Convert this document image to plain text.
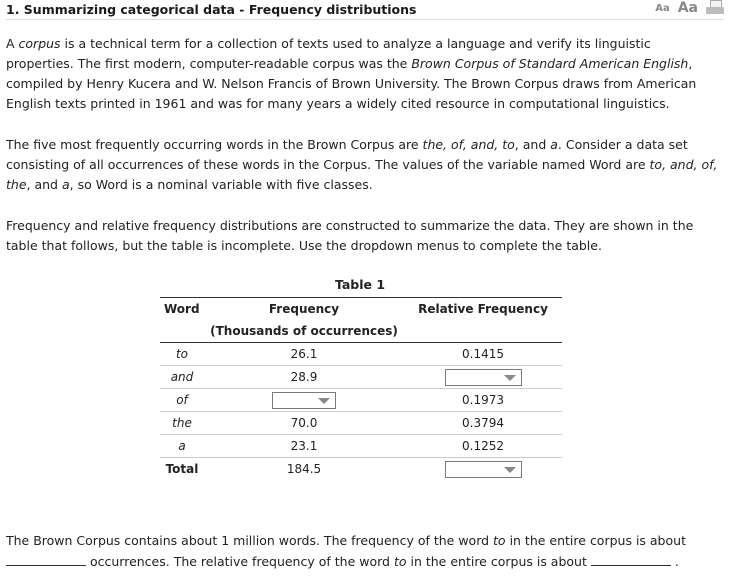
1. Summarizing categorical data - Frequency distributions	Aa Aa

A corpus is a technical term for a collection of texts used to analyze a language and verify its linguistic properties. The first modern, computer-readable corpus was the Brown Corpus of Standard American English, compiled by Henry Kucera and W. Nelson Francis of Brown University. The Brown Corpus draws from American English texts printed in 1961 and was for many years a widely cited resource in computational linguistics.

The five most frequently occurring words in the Brown Corpus are the, of, and, to, and a. Consider a data set consisting of all occurrences of these words in the Corpus. The values of the variable named Word are to, and, of, the, and a, so Word is a nominal variable with five classes.

Frequency and relative frequency distributions are constructed to summarize the data. They are shown in the table that follows, but the table is incomplete. Use the dropdown menus to complete the table.

Table 1
Word	Frequency	Relative Frequency
	(Thousands of occurrences)	
to	26.1	0.1415
and	28.9	

of		0.1973
the	70.0	0.3794
a	23.1	0.1252
Total	184.5	

The Brown Corpus contains about 1 million words. The frequency of the word to in the entire corpus is about
occurrences. The relative frequency of the word to in the entire corpus is about	.
